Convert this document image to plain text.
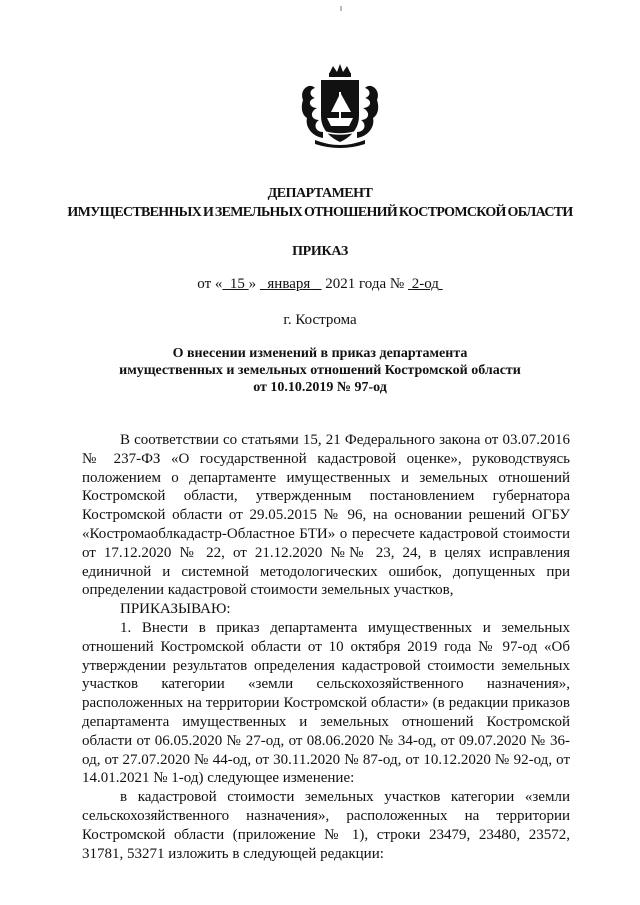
ДЕПАРТАМЕНТ
ИМУЩЕСТВЕННЫХ И ЗЕМЕЛЬНЫХ ОТНОШЕНИЙ КОСТРОМСКОЙ ОБЛАСТИ
ПРИКАЗ
от « 15 » января 2021 года № 2-од
г. Кострома
О внесении изменений в приказ департамента
имущественных и земельных отношений Костромской области
от 10.10.2019 № 97-од

В соответствии со статьями 15, 21 Федерального закона от 03.07.2016 № 237-ФЗ «О государственной кадастровой оценке», руководствуясь положением о департаменте имущественных и земельных отношений Костромской области, утвержденным постановлением губернатора Костромской области от 29.05.2015 № 96, на основании решений ОГБУ «Костромаоблкадастр-Областное БТИ» о пересчете кадастровой стоимости от 17.12.2020 № 22, от 21.12.2020 №№ 23, 24, в целях исправления единичной и системной методологических ошибок, допущенных при определении кадастровой стоимости земельных участков,

ПРИКАЗЫВАЮ:

1. Внести в приказ департамента имущественных и земельных отношений Костромской области от 10 октября 2019 года № 97-од «Об утверждении результатов определения кадастровой стоимости земельных участков категории «земли сельскохозяйственного назначения», расположенных на территории Костромской области» (в редакции приказов департамента имущественных и земельных отношений Костромской области от 06.05.2020 № 27-од, от 08.06.2020 № 34-од, от 09.07.2020 № 36-од, от 27.07.2020 № 44-од, от 30.11.2020 № 87-од, от 10.12.2020 № 92-од, от 14.01.2021 № 1-од) следующее изменение:

в кадастровой стоимости земельных участков категории «земли сельскохозяйственного назначения», расположенных на территории Костромской области (приложение № 1), строки 23479, 23480, 23572, 31781, 53271 изложить в следующей редакции:
